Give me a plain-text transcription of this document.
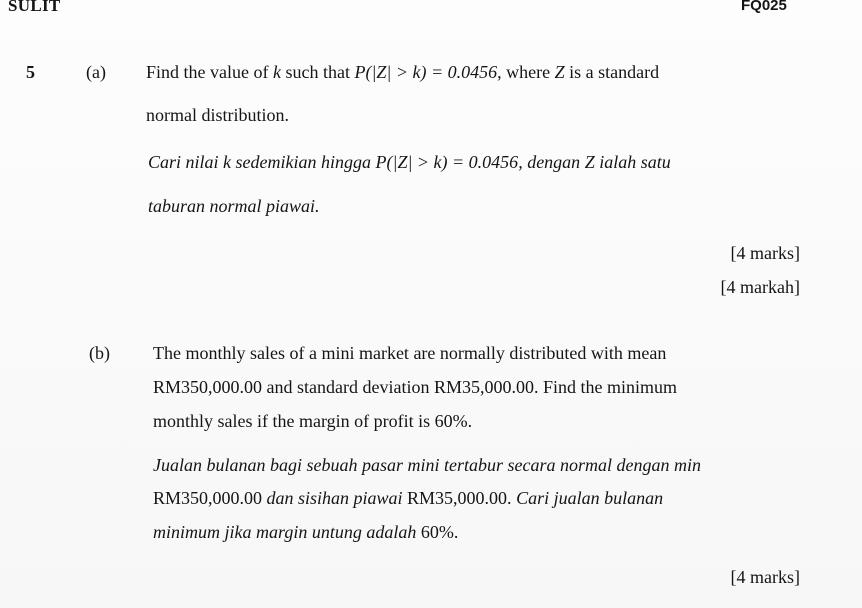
SULIT	FQ025
5	(a) Find the value of k such that P(|Z| > k) = 0.0456, where Z is a standard
normal distribution.
Cari nilai k sedemikian hingga P(|Z| > k) = 0.0456, dengan Z ialah satu
taburan normal piawai.
[4 marks]
[4 markah]
(b) The monthly sales of a mini market are normally distributed with mean
RM350,000.00 and standard deviation RM35,000.00. Find the minimum
monthly sales if the margin of profit is 60%.
Jualan bulanan bagi sebuah pasar mini tertabur secara normal dengan min
RM350,000.00 dan sisihan piawai RM35,000.00. Cari jualan bulanan
minimum jika margin untung adalah 60%.
[4 marks]
